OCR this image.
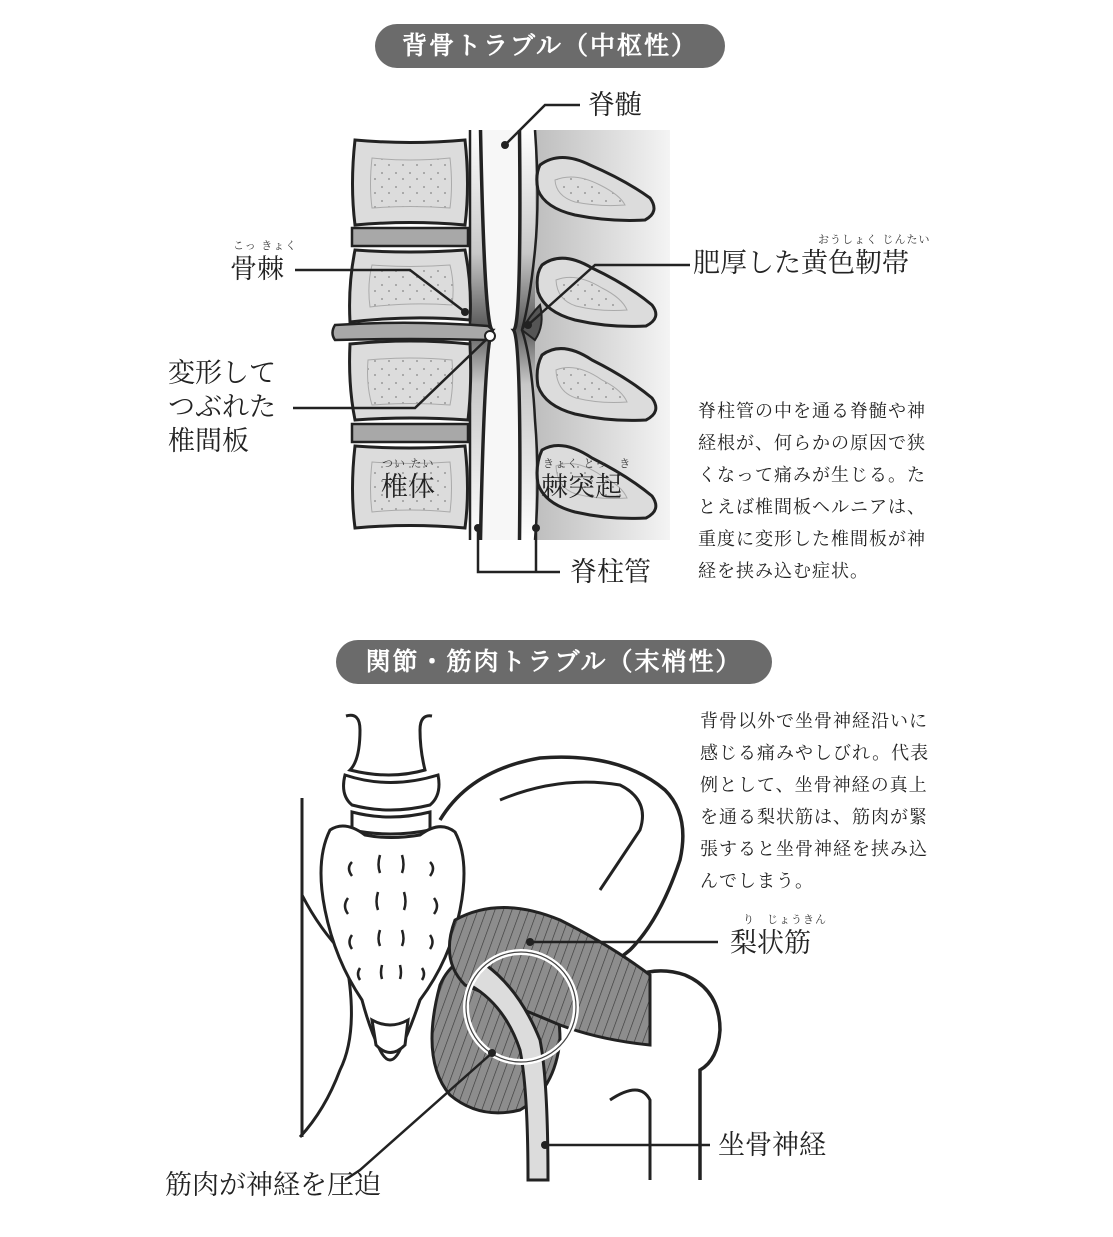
背骨トラブル（中枢性）
関節・筋肉トラブル（末梢性）
脊髄
こっ きょく
骨棘
おうしょく じんたい
肥厚した黄色靭帯
変形して
つぶれた
椎間板
つい たい
椎体
きょく とっ　き
棘突起
脊柱管
脊柱管の中を通る脊髄や神
経根が、何らかの原因で狭
くなって痛みが生じる。た
とえば椎間板ヘルニアは、
重度に変形した椎間板が神
経を挟み込む症状。
背骨以外で坐骨神経沿いに
感じる痛みやしびれ。代表
例として、坐骨神経の真上
を通る梨状筋は、筋肉が緊
張すると坐骨神経を挟み込
んでしまう。
り　じょうきん
梨状筋
坐骨神経
筋肉が神経を圧迫
